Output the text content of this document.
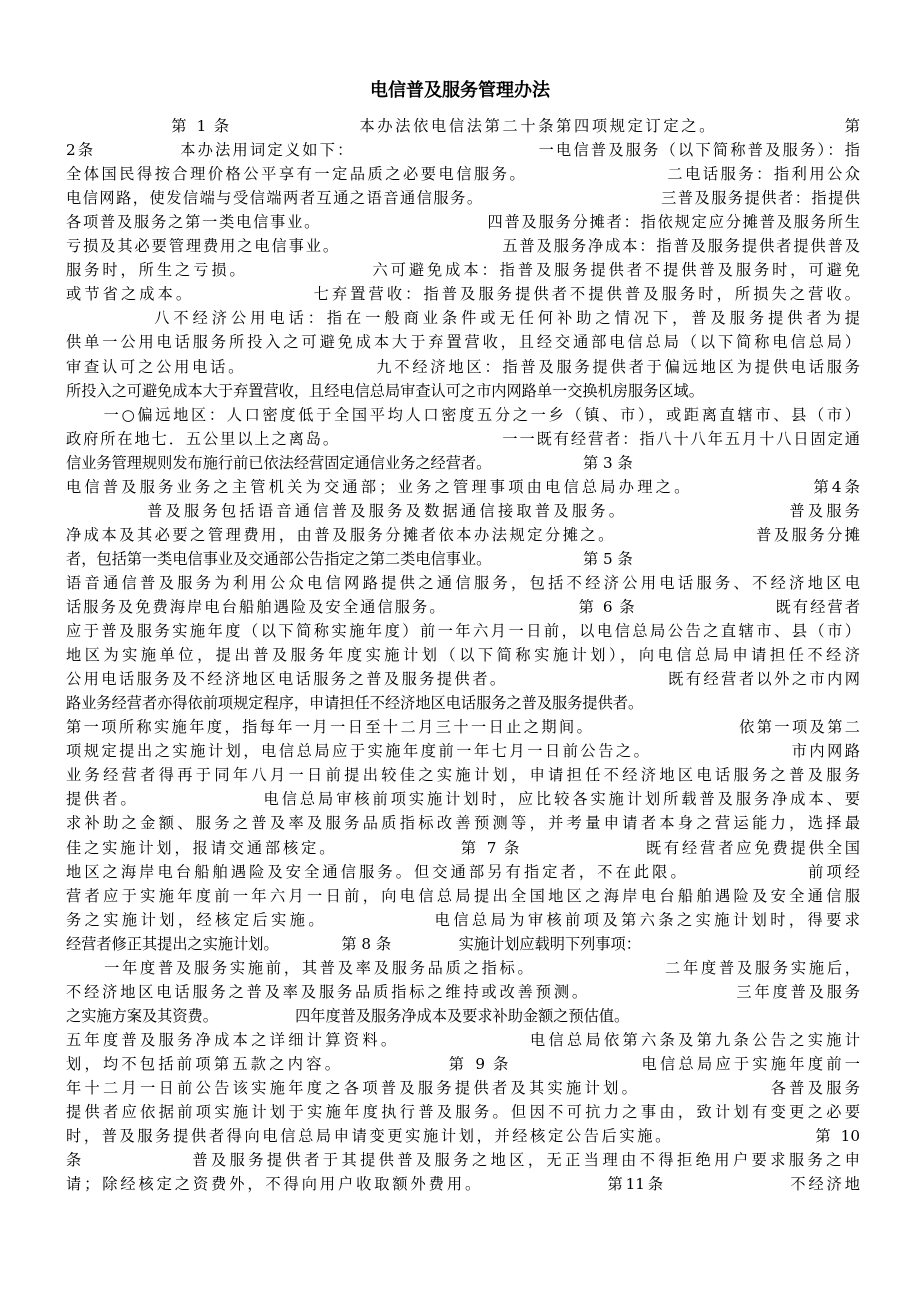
电信普及服务管理办法
第 1 条                 本办法依电信法第二十条第四项规定订定之。                 第
2条            本办法用词定义如下：                          一电信普及服务（以下简称普及服务）：指
全体国民得按合理价格公平享有一定品质之必要电信服务。                   二电话服务：指利用公众
电信网路，使发信端与受信端两者互通之语音通信服务。                            三普及服务提供者：指提供
各项普及服务之第一类电信事业。                         四普及服务分摊者：指依规定应分摊普及服务所生
亏损及其必要管理费用之电信事业。                        五普及服务净成本：指普及服务提供者提供普及
服务时，所生之亏损。                六可避免成本：指普及服务提供者不提供普及服务时，可避免
或节省之成本。               七弃置营收：指普及服务提供者不提供普及服务时，所损失之营收。
八不经济公用电话：指在一般商业条件或无任何补助之情况下，普及服务提供者为提
供单一公用电话服务所投入之可避免成本大于弃置营收，且经交通部电信总局（以下简称电信总局）
审查认可之公用电话。                 九不经济地区：指普及服务提供者于偏远地区为提供电话服务
所投入之可避免成本大于弃置营收，且经电信总局审查认可之市内网路单一交换机房服务区域。
一○偏远地区：人口密度低于全国平均人口密度五分之一乡（镇、市），或距离直辖市、县（市）
政府所在地七．五公里以上之离岛。                        一一既有经营者：指八十八年五月十八日固定通
信业务管理规则发布施行前已依法经营固定通信业务之经营者。                   第 3 条
电信普及服务业务之主管机关为交通部；业务之管理事项由电信总局办理之。               第4条
普及服务包括语音通信普及服务及数据通信接取普及服务。                    普及服务
净成本及其必要之管理费用，由普及服务分摊者依本办法规定分摊之。                   普及服务分摊
者，包括第一类电信事业及交通部公告指定之第二类电信事业。                   第 5 条
语音通信普及服务为利用公众电信网路提供之通信服务，包括不经济公用电话服务、不经济地区电
话服务及免费海岸电台船舶遇险及安全通信服务。                   第 6 条                    既有经营者
应于普及服务实施年度（以下简称实施年度）前一年六月一日前，以电信总局公告之直辖市、县（市）
地区为实施单位，提出普及服务年度实施计划（以下简称实施计划），向电信总局申请担任不经济
公用电话服务及不经济地区电话服务之普及服务提供者。                      既有经营者以外之市内网
路业务经营者亦得依前项规定程序，申请担任不经济地区电话服务之普及服务提供者。
第一项所称实施年度，指每年一月一日至十二月三十一日止之期间。                    依第一项及第二
项规定提出之实施计划，电信总局应于实施年度前一年七月一日前公告之。                   市内网路
业务经营者得再于同年八月一日前提出较佳之实施计划，申请担任不经济地区电话服务之普及服务
提供者。                电信总局审核前项实施计划时，应比较各实施计划所载普及服务净成本、要
求补助之金额、服务之普及率及服务品质指标改善预测等，并考量申请者本身之营运能力，选择最
佳之实施计划，报请交通部核定。                第 7 条                既有经营者应免费提供全国
地区之海岸电台船舶遇险及安全通信服务。但交通部另有指定者，不在此限。               前项经
营者应于实施年度前一年六月一日前，向电信总局提出全国地区之海岸电台船舶遇险及安全通信服
务之实施计划，经核定后实施。             电信总局为审核前项及第六条之实施计划时，得要求
经营者修正其提出之实施计划。             第 8 条              实施计划应载明下列事项：
一年度普及服务实施前，其普及率及服务品质之指标。                 二年度普及服务实施后，
不经济地区电话服务之普及率及服务品质指标之维持或改善预测。                   三年度普及服务
之实施方案及其资费。                四年度普及服务净成本及要求补助金额之预估值。
五年度普及服务净成本之详细计算资料。                电信总局依第六条及第九条公告之实施计
划，均不包括前项第五款之内容。             第 9 条                电信总局应于实施年度前一
年十二月一日前公告该实施年度之各项普及服务提供者及其实施计划。                各普及服务
提供者应依据前项实施计划于实施年度执行普及服务。但因不可抗力之事由，致计划有变更之必要
时，普及服务提供者得向电信总局申请变更实施计划，并经核定公告后实施。                   第 10
条             普及服务提供者于其提供普及服务之地区，无正当理由不得拒绝用户要求服务之申
请；除经核定之资费外，不得向用户收取额外费用。                第11条                不经济地
